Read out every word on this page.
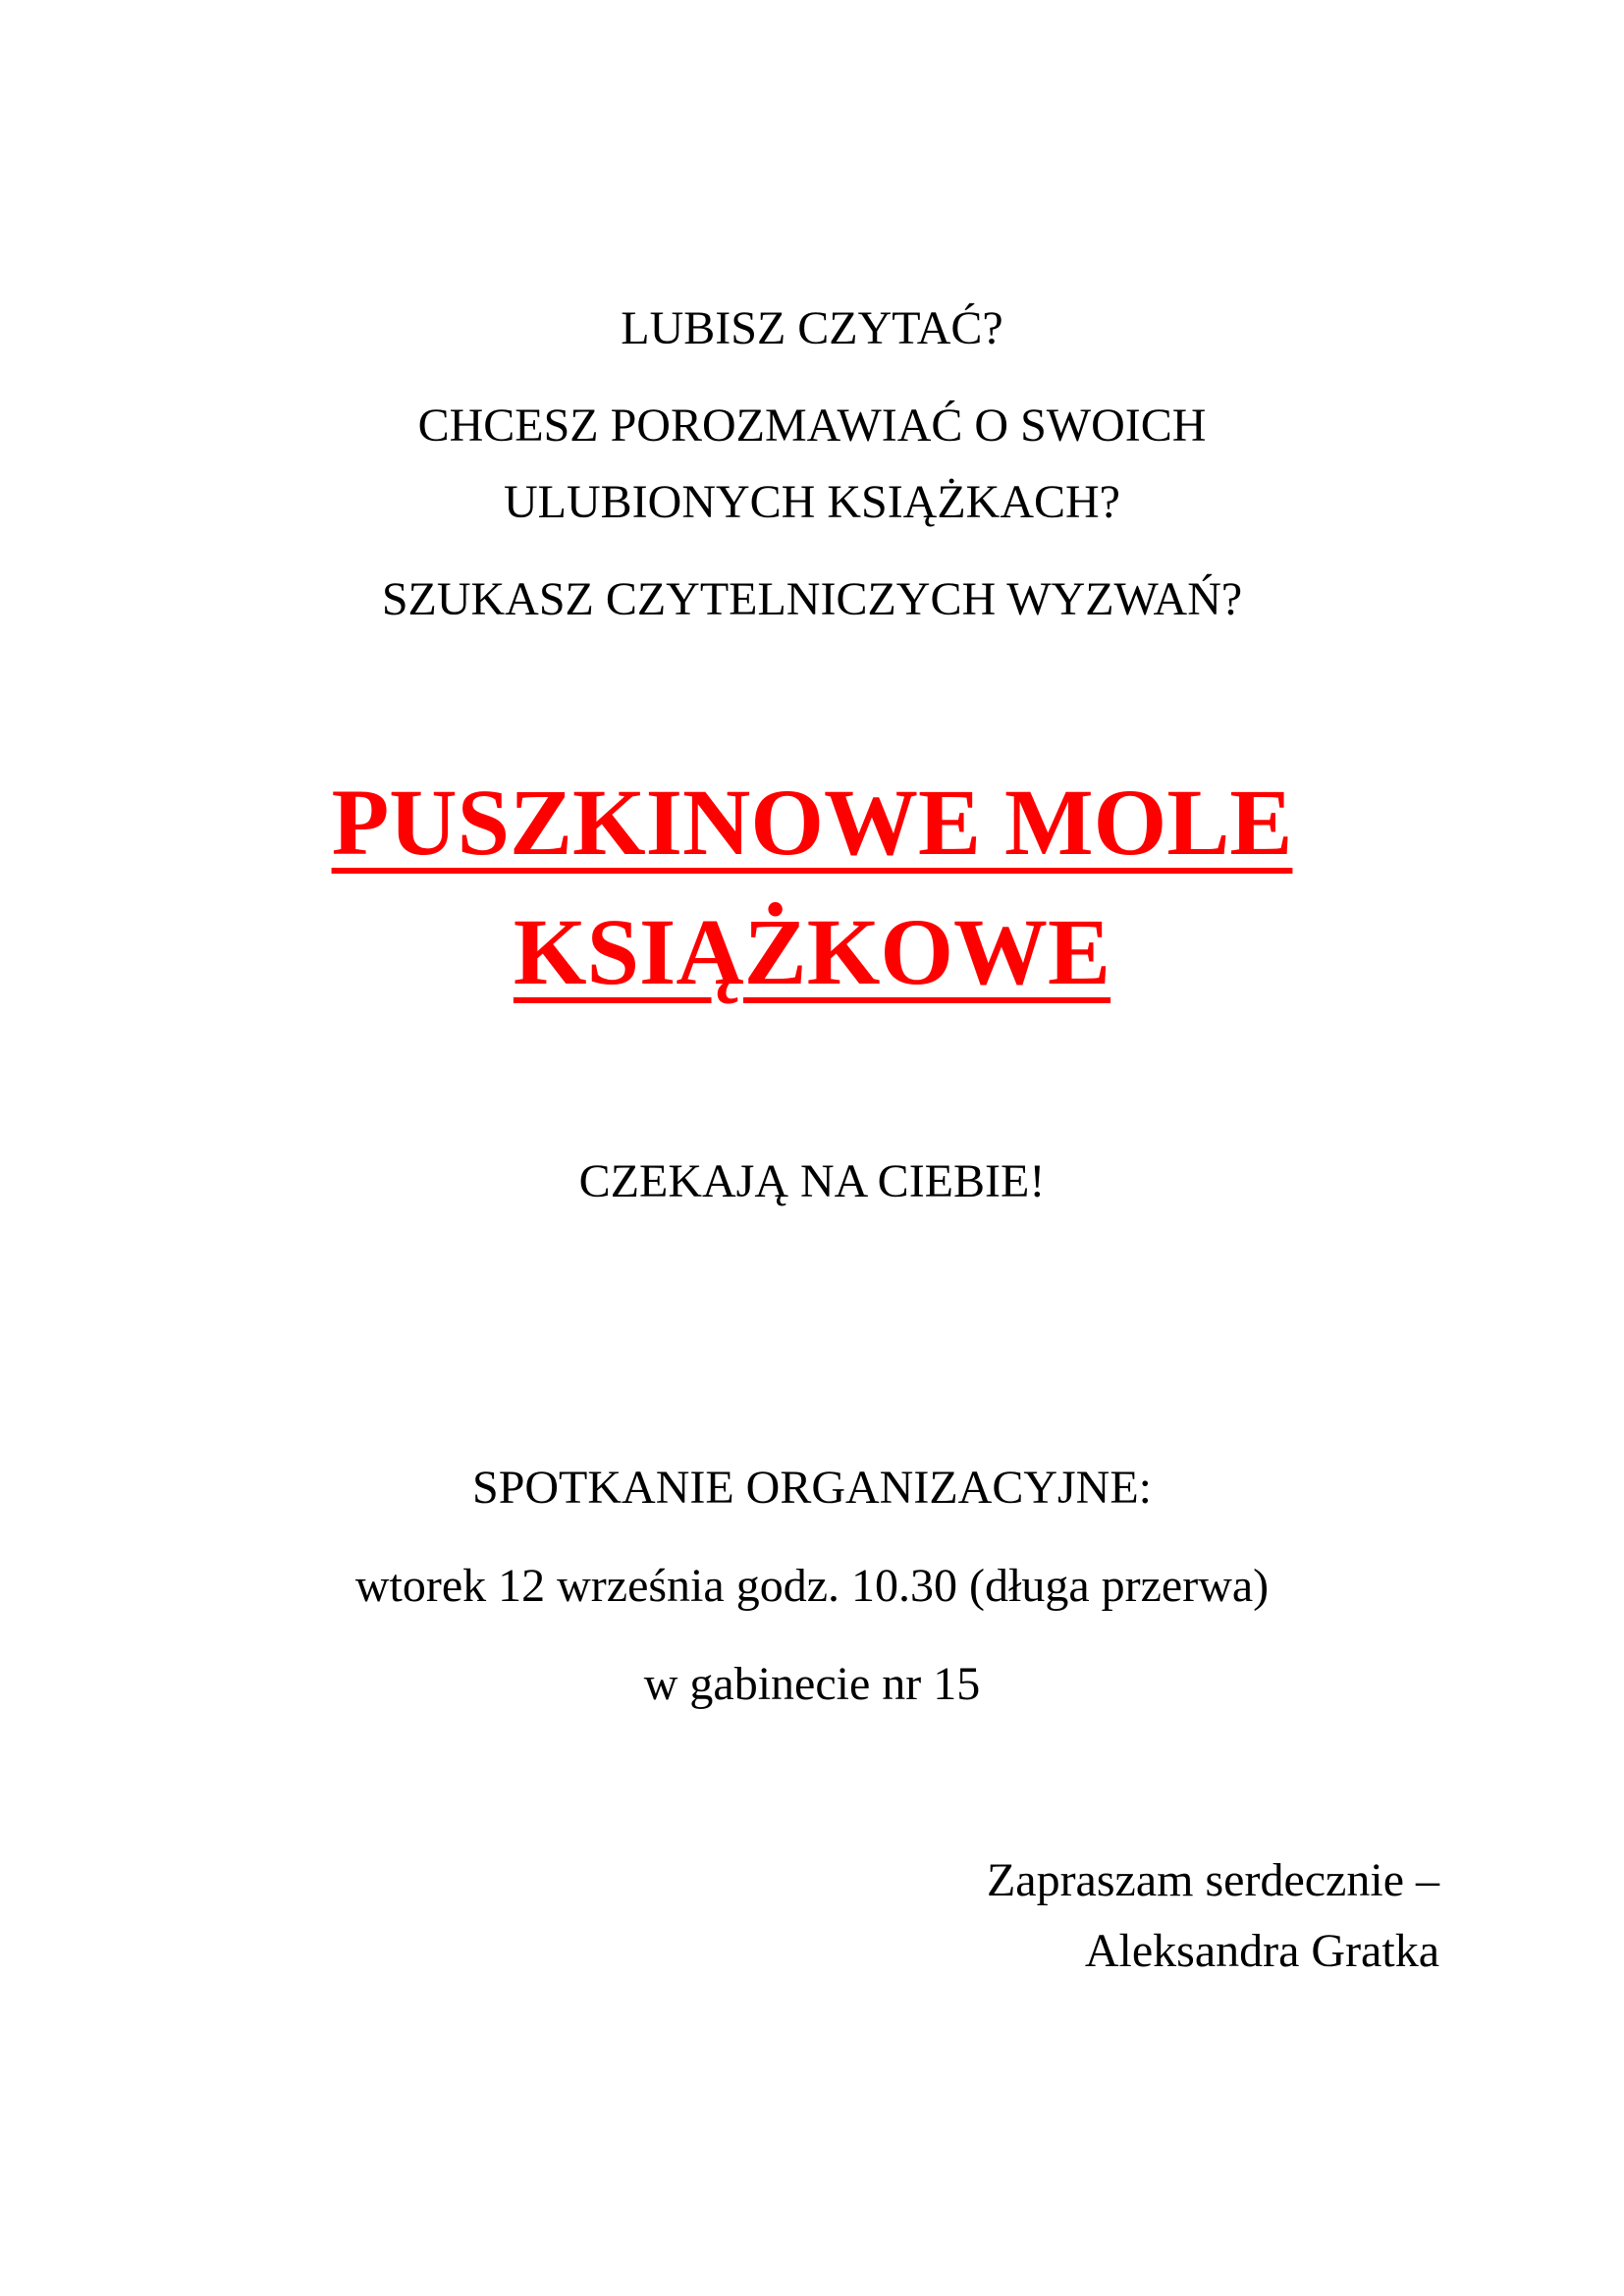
LUBISZ CZYTAĆ?
CHCESZ POROZMAWIAĆ O SWOICH
ULUBIONYCH KSIĄŻKACH?
SZUKASZ CZYTELNICZYCH WYZWAŃ?
PUSZKINOWE MOLE
KSIĄŻKOWE
CZEKAJĄ NA CIEBIE!
SPOTKANIE ORGANIZACYJNE:
wtorek 12 września godz. 10.30 (długa przerwa)
w gabinecie nr 15
Zapraszam serdecznie –
Aleksandra Gratka
